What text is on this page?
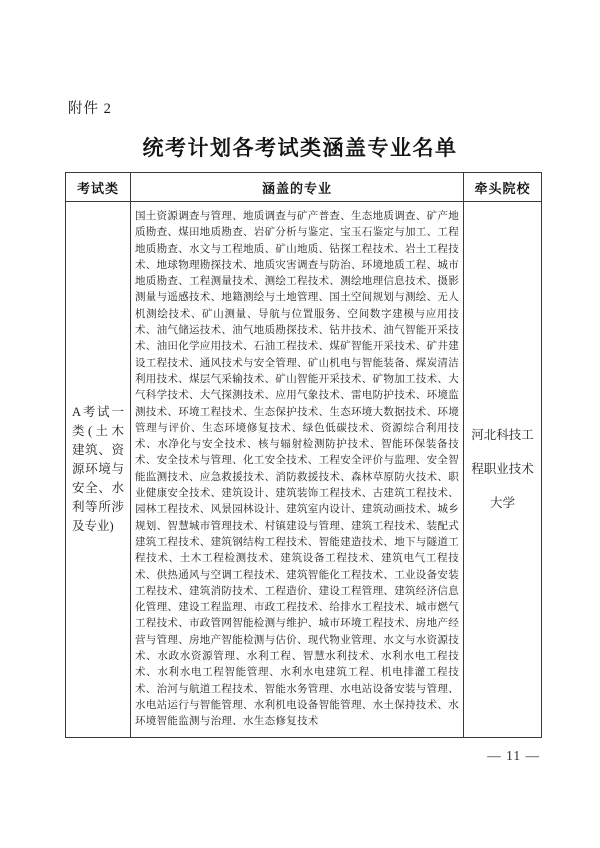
附件 2
统考计划各考试类涵盖专业名单
考试类	涵盖的专业	牵头院校
A考试一类(土木建筑、资源环境与安全、水利等所涉及专业)	国土资源调查与管理、地质调查与矿产普查、生态地质调查、矿产地质勘查、煤田地质勘查、岩矿分析与鉴定、宝玉石鉴定与加工、工程地质勘查、水文与工程地质、矿山地质、钻探工程技术、岩土工程技术、地球物理勘探技术、地质灾害调查与防治、环境地质工程、城市地质勘查、工程测量技术、测绘工程技术、测绘地理信息技术、摄影测量与遥感技术、地籍测绘与土地管理、国土空间规划与测绘、无人机测绘技术、矿山测量、导航与位置服务、空间数字建模与应用技术、油气储运技术、油气地质勘探技术、钻井技术、油气智能开采技术、油田化学应用技术、石油工程技术、煤矿智能开采技术、矿井建设工程技术、通风技术与安全管理、矿山机电与智能装备、煤炭清洁利用技术、煤层气采输技术、矿山智能开采技术、矿物加工技术、大气科学技术、大气探测技术、应用气象技术、雷电防护技术、环境监测技术、环境工程技术、生态保护技术、生态环境大数据技术、环境管理与评价、生态环境修复技术、绿色低碳技术、资源综合利用技术、水净化与安全技术、核与辐射检测防护技术、智能环保装备技术、安全技术与管理、化工安全技术、工程安全评价与监理、安全智能监测技术、应急救援技术、消防救援技术、森林草原防火技术、职业健康安全技术、建筑设计、建筑装饰工程技术、古建筑工程技术、园林工程技术、风景园林设计、建筑室内设计、建筑动画技术、城乡规划、智慧城市管理技术、村镇建设与管理、建筑工程技术、装配式建筑工程技术、建筑钢结构工程技术、智能建造技术、地下与隧道工程技术、土木工程检测技术、建筑设备工程技术、建筑电气工程技术、供热通风与空调工程技术、建筑智能化工程技术、工业设备安装工程技术、建筑消防技术、工程造价、建设工程管理、建筑经济信息化管理、建设工程监理、市政工程技术、给排水工程技术、城市燃气工程技术、市政管网智能检测与维护、城市环境工程技术、房地产经营与管理、房地产智能检测与估价、现代物业管理、水文与水资源技术、水政水资源管理、水利工程、智慧水利技术、水利水电工程技术、水利水电工程智能管理、水利水电建筑工程、机电排灌工程技术、治河与航道工程技术、智能水务管理、水电站设备安装与管理、水电站运行与智能管理、水利机电设备智能管理、水土保持技术、水环境智能监测与治理、水生态修复技术	河北科技工程职业技术大学
— 11 —
